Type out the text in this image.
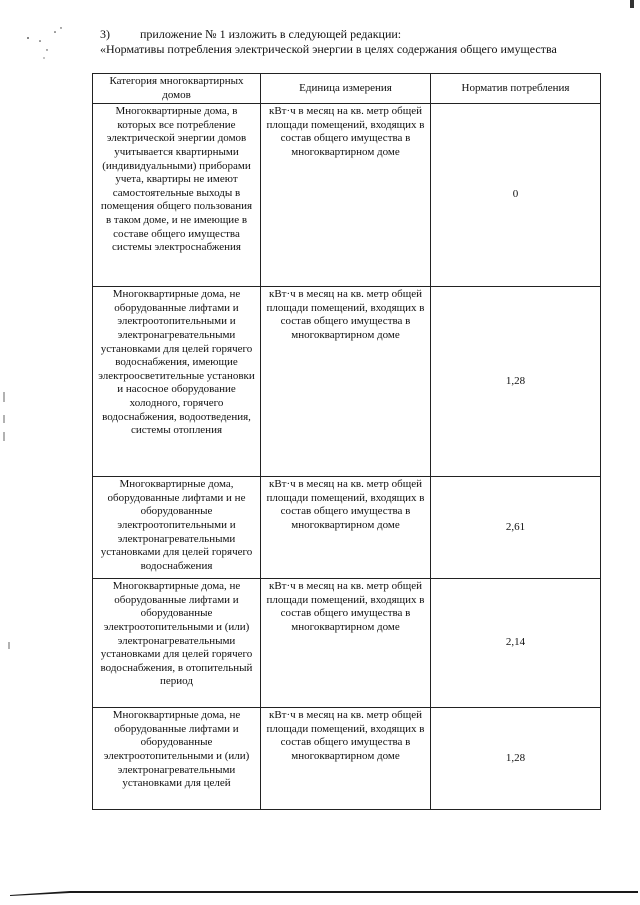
3)	приложение № 1 изложить в следующей редакции:
«Нормативы потребления электрической энергии в целях содержания общего имущества
Категория многоквартирных домов	Единица измерения	Норматив потребления
Многоквартирные дома, в которых все потребление электрической энергии домов учитывается квартирными (индивидуальными) приборами учета, квартиры не имеют самостоятельные выходы в помещения общего пользования в таком доме, и не имеющие в составе общего имущества системы электроснабжения	кВт·ч в месяц на кв. метр общей площади помещений, входящих в состав общего имущества в многоквартирном доме	0
Многоквартирные дома, не оборудованные лифтами и электроотопительными и электронагревательными установками для целей горячего водоснабжения, имеющие электроосветительные установки и насосное оборудование холодного, горячего водоснабжения, водоотведения, системы отопления	кВт·ч в месяц на кв. метр общей площади помещений, входящих в состав общего имущества в многоквартирном доме	1,28
Многоквартирные дома, оборудованные лифтами и не оборудованные электроотопительными и электронагревательными установками для целей горячего водоснабжения	кВт·ч в месяц на кв. метр общей площади помещений, входящих в состав общего имущества в многоквартирном доме	2,61
Многоквартирные дома, не оборудованные лифтами и оборудованные электроотопительными и (или) электронагревательными установками для целей горячего водоснабжения, в отопительный период	кВт·ч в месяц на кв. метр общей площади помещений, входящих в состав общего имущества в многоквартирном доме	2,14
Многоквартирные дома, не оборудованные лифтами и оборудованные электроотопительными и (или) электронагревательными установками для целей	кВт·ч в месяц на кв. метр общей площади помещений, входящих в состав общего имущества в многоквартирном доме	1,28
